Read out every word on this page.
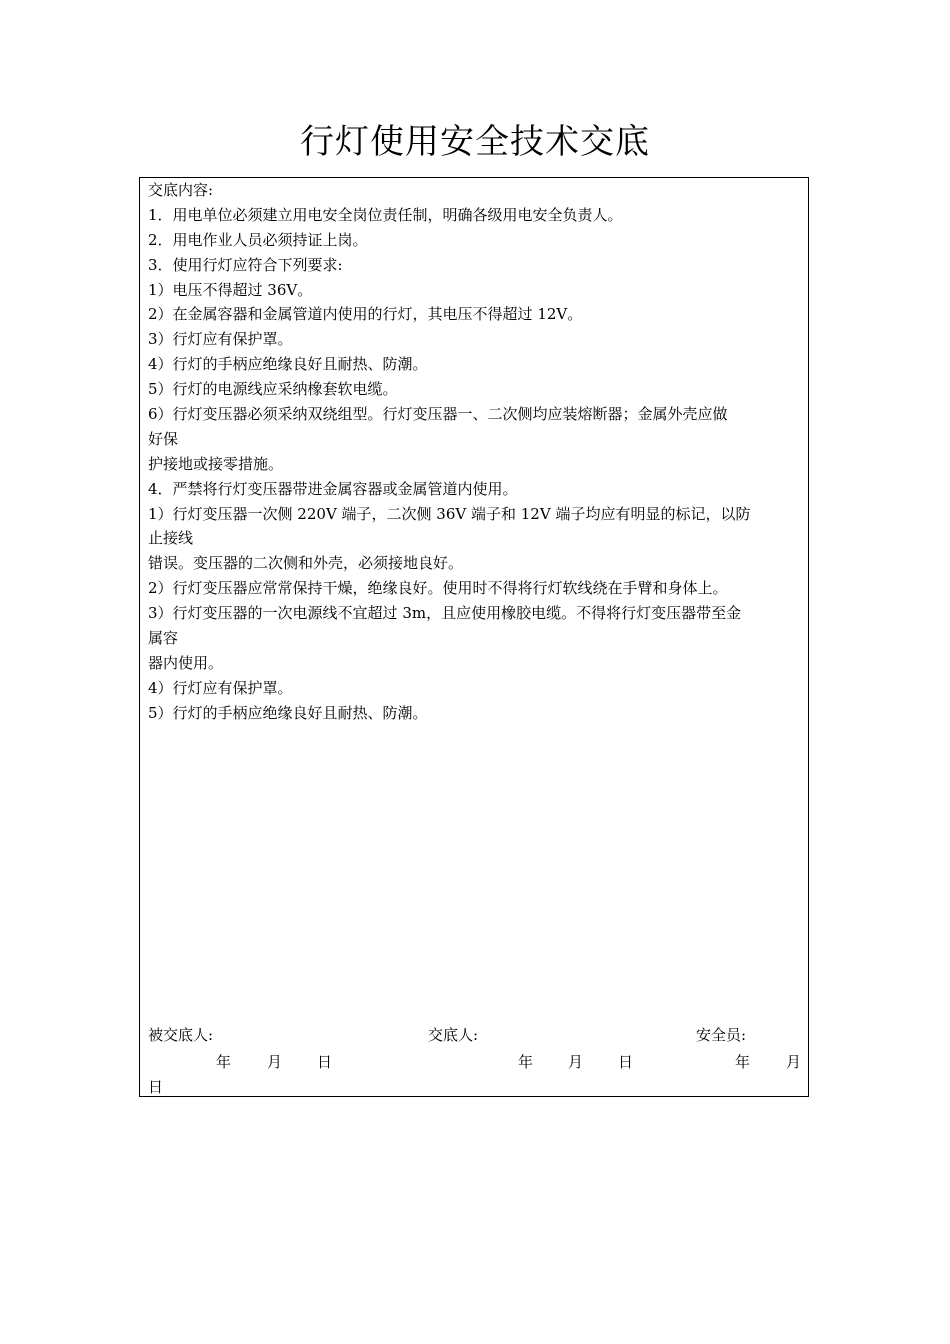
行灯使用安全技术交底
交底内容:
1．用电单位必须建立用电安全岗位责任制，明确各级用电安全负责人。
2．用电作业人员必须持证上岗。
3．使用行灯应符合下列要求:
1）电压不得超过 36V。
2）在金属容器和金属管道内使用的行灯，其电压不得超过 12V。
3）行灯应有保护罩。
4）行灯的手柄应绝缘良好且耐热、防潮。
5）行灯的电源线应采纳橡套软电缆。
6）行灯变压器必须采纳双绕组型。行灯变压器一、二次侧均应装熔断器；金属外壳应做
好保
护接地或接零措施。
4．严禁将行灯变压器带进金属容器或金属管道内使用。
1）行灯变压器一次侧 220V 端子，二次侧 36V 端子和 12V 端子均应有明显的标记，以防
止接线
错误。变压器的二次侧和外壳，必须接地良好。
2）行灯变压器应常常保持干燥，绝缘良好。使用时不得将行灯软线绕在手臂和身体上。
3）行灯变压器的一次电源线不宜超过 3m，且应使用橡胶电缆。不得将行灯变压器带至金
属容
器内使用。
4）行灯应有保护罩。
5）行灯的手柄应绝缘良好且耐热、防潮。
被交底人:	交底人:	安全员:
年 月 日	年 月 日	年 月
日
